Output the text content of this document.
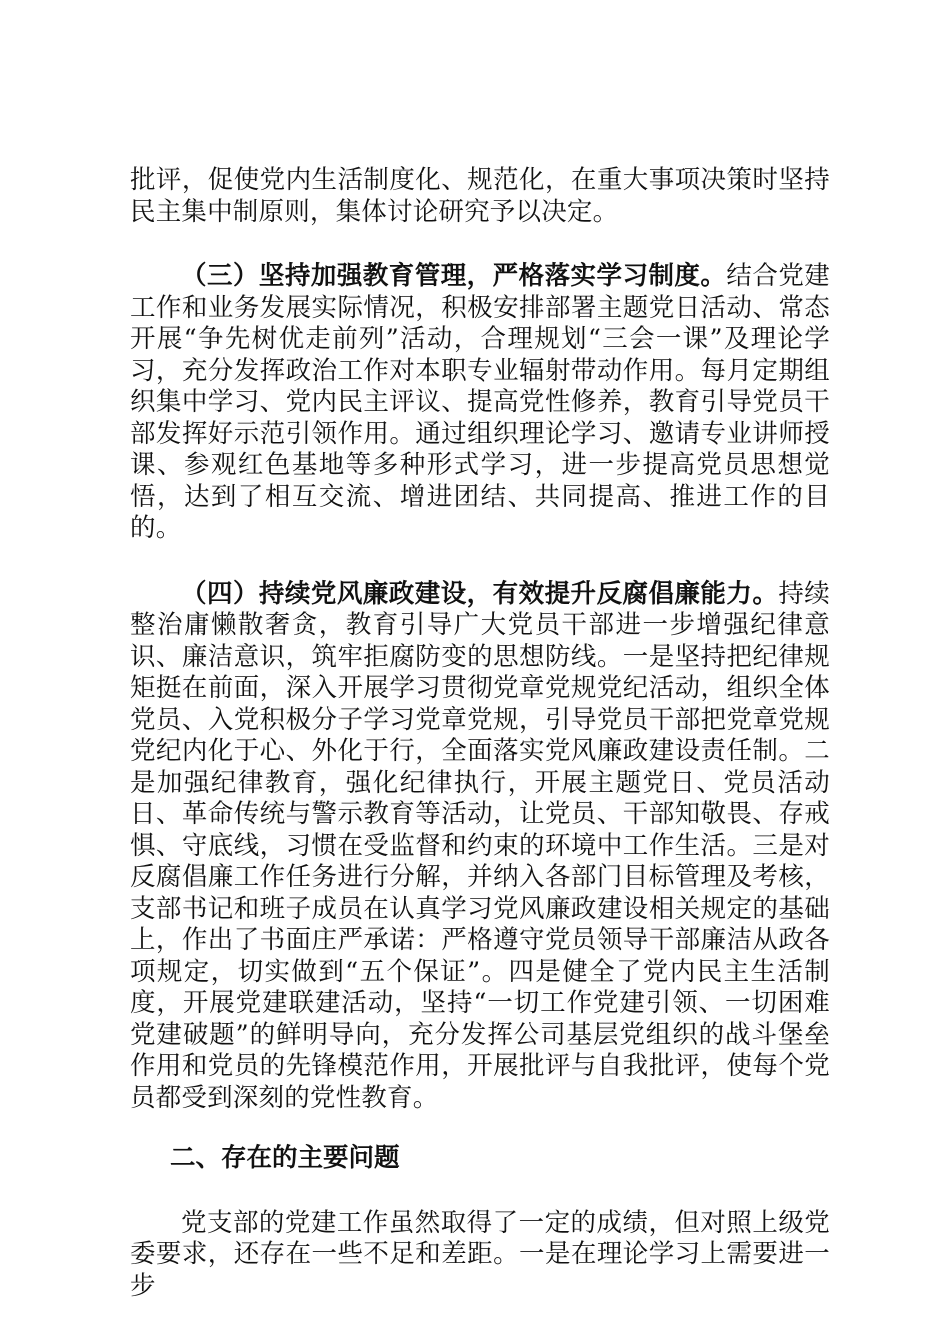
批评，促使党内生活制度化、规范化，在重大事项决策时坚持民主集中制原则，集体讨论研究予以决定。

（三）坚持加强教育管理，严格落实学习制度。结合党建工作和业务发展实际情况，积极安排部署主题党日活动、常态开展“争先树优走前列”活动，合理规划“三会一课”及理论学习，充分发挥政治工作对本职专业辐射带动作用。每月定期组织集中学习、党内民主评议、提高党性修养，教育引导党员干部发挥好示范引领作用。通过组织理论学习、邀请专业讲师授课、参观红色基地等多种形式学习，进一步提高党员思想觉悟，达到了相互交流、增进团结、共同提高、推进工作的目的。

（四）持续党风廉政建设，有效提升反腐倡廉能力。持续整治庸懒散奢贪，教育引导广大党员干部进一步增强纪律意识、廉洁意识，筑牢拒腐防变的思想防线。一是坚持把纪律规矩挺在前面，深入开展学习贯彻党章党规党纪活动，组织全体党员、入党积极分子学习党章党规，引导党员干部把党章党规党纪内化于心、外化于行，全面落实党风廉政建设责任制。二是加强纪律教育，强化纪律执行，开展主题党日、党员活动日、革命传统与警示教育等活动，让党员、干部知敬畏、存戒惧、守底线，习惯在受监督和约束的环境中工作生活。三是对反腐倡廉工作任务进行分解，并纳入各部门目标管理及考核，支部书记和班子成员在认真学习党风廉政建设相关规定的基础上，作出了书面庄严承诺：严格遵守党员领导干部廉洁从政各项规定，切实做到“五个保证”。四是健全了党内民主生活制度，开展党建联建活动，坚持“一切工作党建引领、一切困难党建破题”的鲜明导向，充分发挥公司基层党组织的战斗堡垒作用和党员的先锋模范作用，开展批评与自我批评，使每个党员都受到深刻的党性教育。

二、存在的主要问题

党支部的党建工作虽然取得了一定的成绩，但对照上级党委要求，还存在一些不足和差距。一是在理论学习上需要进一步
